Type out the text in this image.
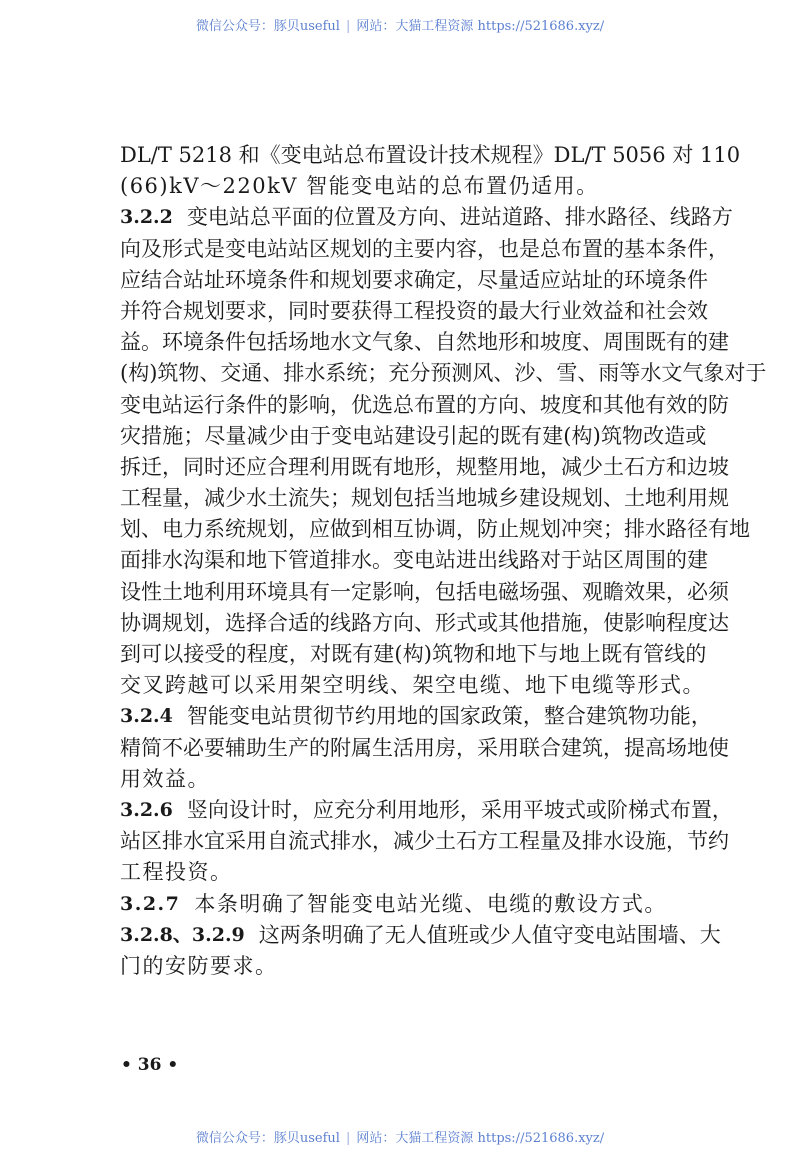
微信公众号：豚贝useful | 网站：大猫工程资源 https://521686.xyz/
DL/T 5218 和《变电站总布置设计技术规程》DL/T 5056 对 110
(66)kV～220kV 智能变电站的总布置仍适用。
3.2.2 变电站总平面的位置及方向、进站道路、排水路径、线路方
向及形式是变电站站区规划的主要内容，也是总布置的基本条件，
应结合站址环境条件和规划要求确定，尽量适应站址的环境条件
并符合规划要求，同时要获得工程投资的最大行业效益和社会效
益。环境条件包括场地水文气象、自然地形和坡度、周围既有的建
(构)筑物、交通、排水系统；充分预测风、沙、雪、雨等水文气象对于
变电站运行条件的影响，优选总布置的方向、坡度和其他有效的防
灾措施；尽量减少由于变电站建设引起的既有建(构)筑物改造或
拆迁，同时还应合理利用既有地形，规整用地，减少土石方和边坡
工程量，减少水土流失；规划包括当地城乡建设规划、土地利用规
划、电力系统规划，应做到相互协调，防止规划冲突；排水路径有地
面排水沟渠和地下管道排水。变电站进出线路对于站区周围的建
设性土地利用环境具有一定影响，包括电磁场强、观瞻效果，必须
协调规划，选择合适的线路方向、形式或其他措施，使影响程度达
到可以接受的程度，对既有建(构)筑物和地下与地上既有管线的
交叉跨越可以采用架空明线、架空电缆、地下电缆等形式。
3.2.4 智能变电站贯彻节约用地的国家政策，整合建筑物功能，
精简不必要辅助生产的附属生活用房，采用联合建筑，提高场地使
用效益。
3.2.6 竖向设计时，应充分利用地形，采用平坡式或阶梯式布置，
站区排水宜采用自流式排水，减少土石方工程量及排水设施，节约
工程投资。
3.2.7 本条明确了智能变电站光缆、电缆的敷设方式。
3.2.8、3.2.9 这两条明确了无人值班或少人值守变电站围墙、大
门的安防要求。
• 36 •
微信公众号：豚贝useful | 网站：大猫工程资源 https://521686.xyz/
